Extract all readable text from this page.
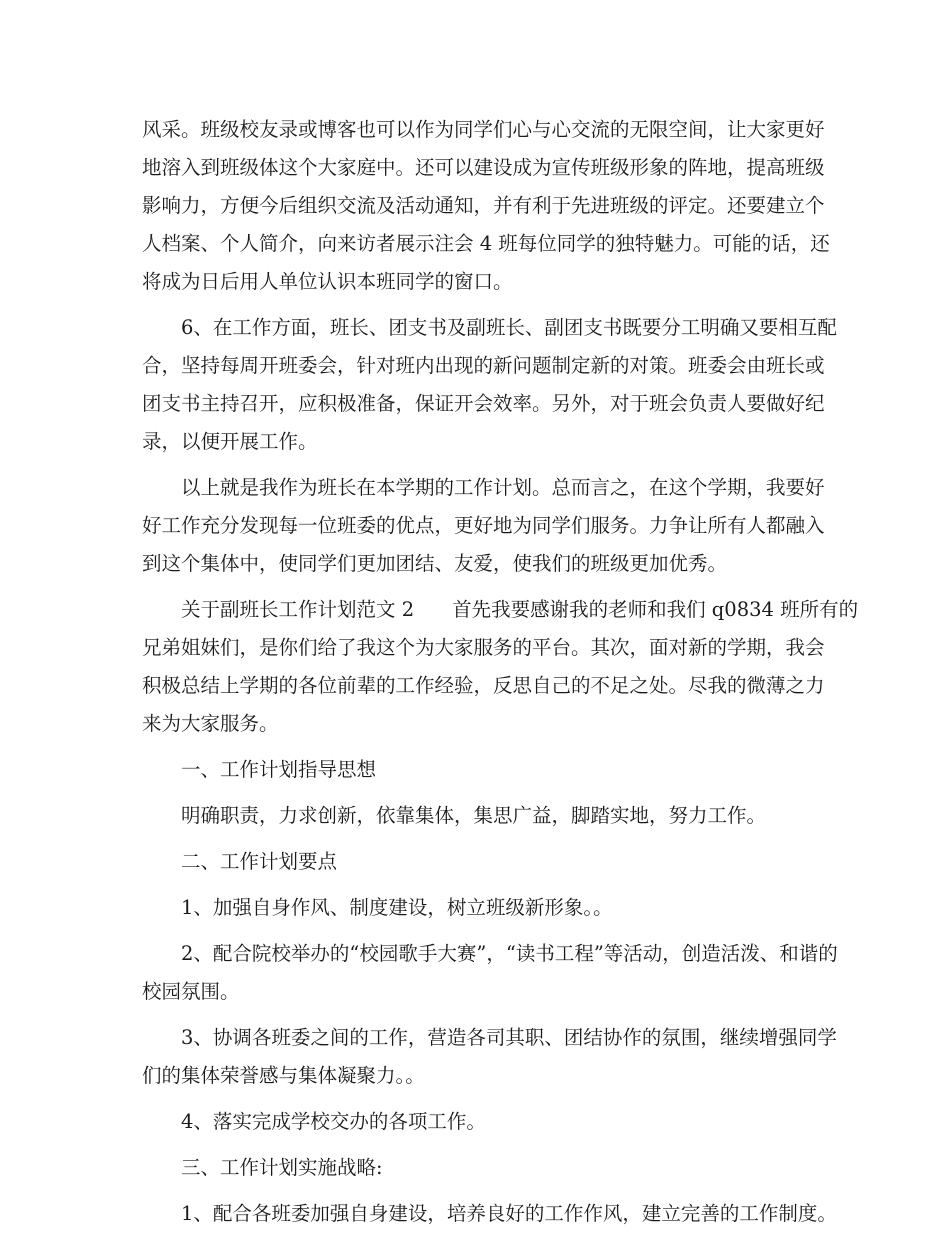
风采。班级校友录或博客也可以作为同学们心与心交流的无限空间，让大家更好
地溶入到班级体这个大家庭中。还可以建设成为宣传班级形象的阵地，提高班级
影响力，方便今后组织交流及活动通知，并有利于先进班级的评定。还要建立个
人档案、个人简介，向来访者展示注会 4 班每位同学的独特魅力。可能的话，还
将成为日后用人单位认识本班同学的窗口。

6、在工作方面，班长、团支书及副班长、副团支书既要分工明确又要相互配
合，坚持每周开班委会，针对班内出现的新问题制定新的对策。班委会由班长或
团支书主持召开，应积极准备，保证开会效率。另外，对于班会负责人要做好纪
录，以便开展工作。

以上就是我作为班长在本学期的工作计划。总而言之，在这个学期，我要好
好工作充分发现每一位班委的优点，更好地为同学们服务。力争让所有人都融入
到这个集体中，使同学们更加团结、友爱，使我们的班级更加优秀。

关于副班长工作计划范文 2 首先我要感谢我的老师和我们 q0834 班所有的
兄弟姐妹们，是你们给了我这个为大家服务的平台。其次，面对新的学期，我会
积极总结上学期的各位前辈的工作经验，反思自己的不足之处。尽我的微薄之力
来为大家服务。

一、工作计划指导思想

明确职责，力求创新，依靠集体，集思广益，脚踏实地，努力工作。

二、工作计划要点

1、加强自身作风、制度建设，树立班级新形象。。

2、配合院校举办的“校园歌手大赛”，“读书工程”等活动，创造活泼、和谐的
校园氛围。

3、协调各班委之间的工作，营造各司其职、团结协作的氛围，继续增强同学
们的集体荣誉感与集体凝聚力。。

4、落实完成学校交办的各项工作。

三、工作计划实施战略:

1、配合各班委加强自身建设，培养良好的工作作风，建立完善的工作制度。
